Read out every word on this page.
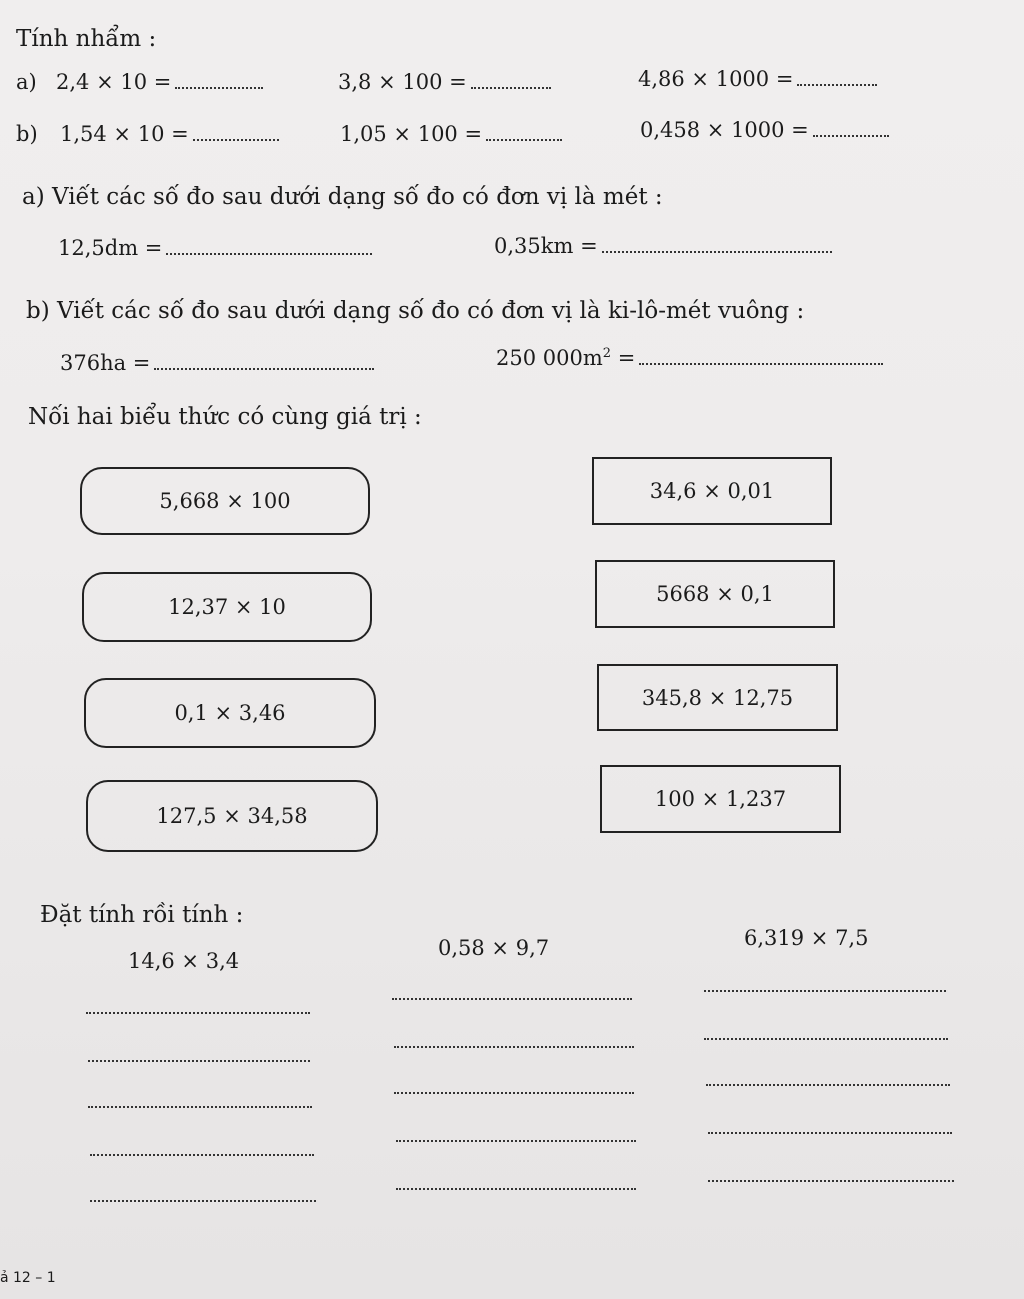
Tính nhẩm :
a) 2,4 × 10 =	3,8 × 100 =	4,86 × 1000 =
b) 1,54 × 10 =	1,05 × 100 =	0,458 × 1000 =
a) Viết các số đo sau dưới dạng số đo có đơn vị là mét :
12,5dm =	0,35km =
b) Viết các số đo sau dưới dạng số đo có đơn vị là ki-lô-mét vuông :
376ha =	250 $000m^2$ =
Nối hai biểu thức có cùng giá trị :
5,668 × 100
12,37 × 10
0,1 × 3,46
127,5 × 34,58
34,6 × 0,01
5668 × 0,1
345,8 × 12,75
100 × 1,237
Đặt tính rồi tính :
14,6 × 3,4
0,58 × 9,7	6,319 × 7,5
ả 12 – 1
